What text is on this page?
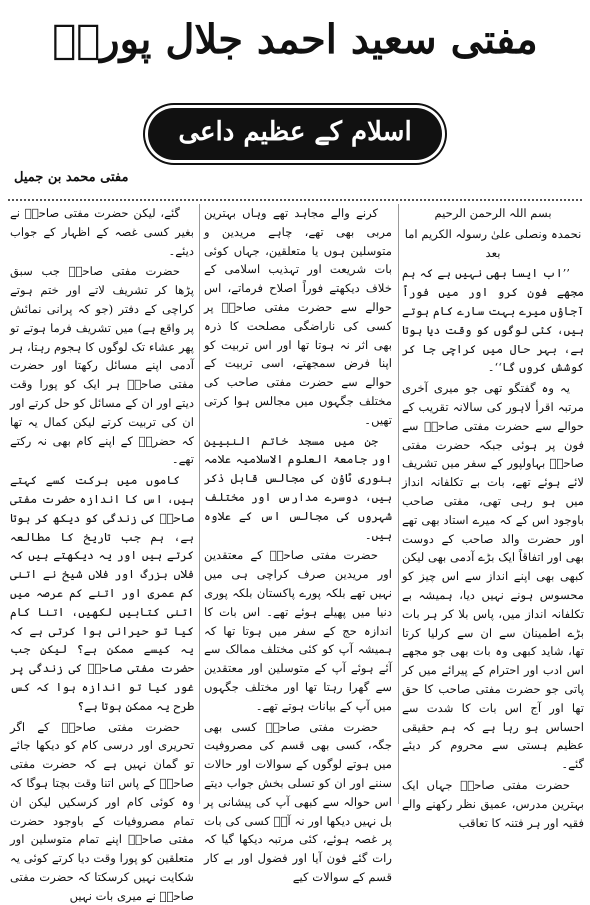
مفتی سعید احمد جلال پوریؒ
اسلام کے عظیم داعی
مفتی محمد بن جمیل

بسم اللہ الرحمن الرحیم

نحمدہ ونصلی علیٰ رسولہ الکریم اما بعد

’’اب ایسا بھی نہیں ہے کہ ہم مجھے فون کرو اور میں فوراً آجاؤں میرے بہت سارے کام ہوتے ہیں، کئی لوگوں کو وقت دیا ہوتا ہے، بہر حال میں کراچی جا کر کوشش کروں گا‘‘۔

یہ وہ گفتگو تھی جو میری آخری مرتبہ اقرأ لاہور کی سالانہ تقریب کے حوالے سے حضرت مفتی صاحبؒ سے فون پر ہوئی جبکہ حضرت مفتی صاحبؒ بہاولپور کے سفر میں تشریف لائے ہوئے تھے، بات بے تکلفانہ انداز میں ہو رہی تھی، مفتی صاحب باوجود اس کے کہ میرے استاد بھی تھے اور حضرت والد صاحب کے دوست بھی اور اتفاقاً ایک بڑے آدمی بھی لیکن کبھی بھی اپنے انداز سے اس چیز کو محسوس ہونے نہیں دیا، ہمیشہ بے تکلفانہ انداز میں، پاس بلا کر ہر بات بڑے اطمینان سے ان سے کرلیا کرتا تھا، شاید کبھی وہ بات بھی جو مجھے اس ادب اور احترام کے پیرائے میں کر پاتی جو حضرت مفتی صاحب کا حق تھا اور آج اس بات کا شدت سے احساس ہو رہا ہے کہ ہم حقیقی عظیم ہستی سے محروم کر دیئے گئے۔

حضرت مفتی صاحبؒ جہاں ایک بہترین مدرس، عمیق نظر رکھنے والے فقیہ اور ہر فتنہ کا تعاقب

کرنے والے مجاہد تھے وہاں بہترین مربی بھی تھے، چاہے مریدین و متوسلین ہوں یا متعلقین، جہاں کوئی بات شریعت اور تہذیب اسلامی کے خلاف دیکھتے فوراً اصلاح فرماتے، اس حوالے سے حضرت مفتی صاحبؒ پر کسی کی ناراضگی مصلحت کا ذرہ بھی اثر نہ ہوتا تھا اور اس تربیت کو اپنا فرض سمجھتے، اسی تربیت کے حوالے سے حضرت مفتی صاحب کی مختلف جگہوں میں مجالس ہوا کرتی تھیں۔

جن میں مسجد خاتم النبیین اور جامعۃ العلوم الاسلامیہ علامہ بنوری ٹاؤن کی مجالس قابل ذکر ہیں، دوسرے مدارس اور مختلف شہروں کی مجالس اس کے علاوہ ہیں۔

حضرت مفتی صاحبؒ کے معتقدین اور مریدین صرف کراچی ہی میں نہیں تھے بلکہ پورے پاکستان بلکہ پوری دنیا میں پھیلے ہوئے تھے۔ اس بات کا اندازہ حج کے سفر میں ہوتا تھا کہ ہمیشہ آپ کو کئی مختلف ممالک سے آئے ہوئے آپ کے متوسلین اور معتقدین سے گھرا رہتا تھا اور مختلف جگہوں میں آپ کے بیانات ہوتے تھے۔

حضرت مفتی صاحبؒ کسی بھی جگہ، کسی بھی قسم کی مصروفیت میں ہوتے لوگوں کے سوالات اور حالات سننے اور ان کو تسلی بخش جواب دیتے اس حوالہ سے کبھی آپ کی پیشانی پر بل نہیں دیکھا اور نہ آپؒ کسی کی بات پر غصہ ہوئے، کئی مرتبہ دیکھا گیا کہ رات گئے فون آیا اور فضول اور بے کار قسم کے سوالات کیے

گئے، لیکن حضرت مفتی صاحبؒ نے بغیر کسی غصہ کے اظہار کے جواب دیئے۔

حضرت مفتی صاحبؒ جب سبق پڑھا کر تشریف لاتے اور ختم ہوتے کراچی کے دفتر (جو کہ پرانی نمائش پر واقع ہے) میں تشریف فرما ہوتے تو پھر عشاء تک لوگوں کا ہجوم رہتا، ہر آدمی اپنے مسائل رکھتا اور حضرت مفتی صاحبؒ ہر ایک کو پورا وقت دیتے اور ان کے مسائل کو حل کرتے اور ان کی تربیت کرتے لیکن کمال یہ تھا کہ حضرتؒ کے اپنے کام بھی نہ رکتے تھے۔

کاموں میں برکت کسے کہتے ہیں، اس کا اندازہ حضرت مفتی صاحبؒ کی زندگی کو دیکھ کر ہوتا ہے، ہم جب تاریخ کا مطالعہ کرتے ہیں اور یہ دیکھتے ہیں کہ فلاں بزرگ اور فلاں شیخ نے اتنی کم عمری اور اتنے کم عرصہ میں اتنی کتابیں لکھیں، اتنا کام کیا تو حیرانی ہوا کرتی ہے کہ یہ کیسے ممکن ہے؟ لیکن جب حضرت مفتی صاحبؒ کی زندگی پر غور کیا تو اندازہ ہوا کہ کس طرح یہ ممکن ہوتا ہے؟

حضرت مفتی صاحبؒ کے اگر تحریری اور درسی کام کو دیکھا جائے تو گمان نہیں ہے کہ حضرت مفتی صاحبؒ کے پاس اتنا وقت بچتا ہوگا کہ وہ کوئی کام اور کرسکیں لیکن ان تمام مصروفیات کے باوجود حضرت مفتی صاحبؒ اپنے تمام متوسلین اور متعلقین کو پورا وقت دیا کرتے کوئی یہ شکایت نہیں کرسکتا کہ حضرت مفتی صاحبؒ نے میری بات نہیں
